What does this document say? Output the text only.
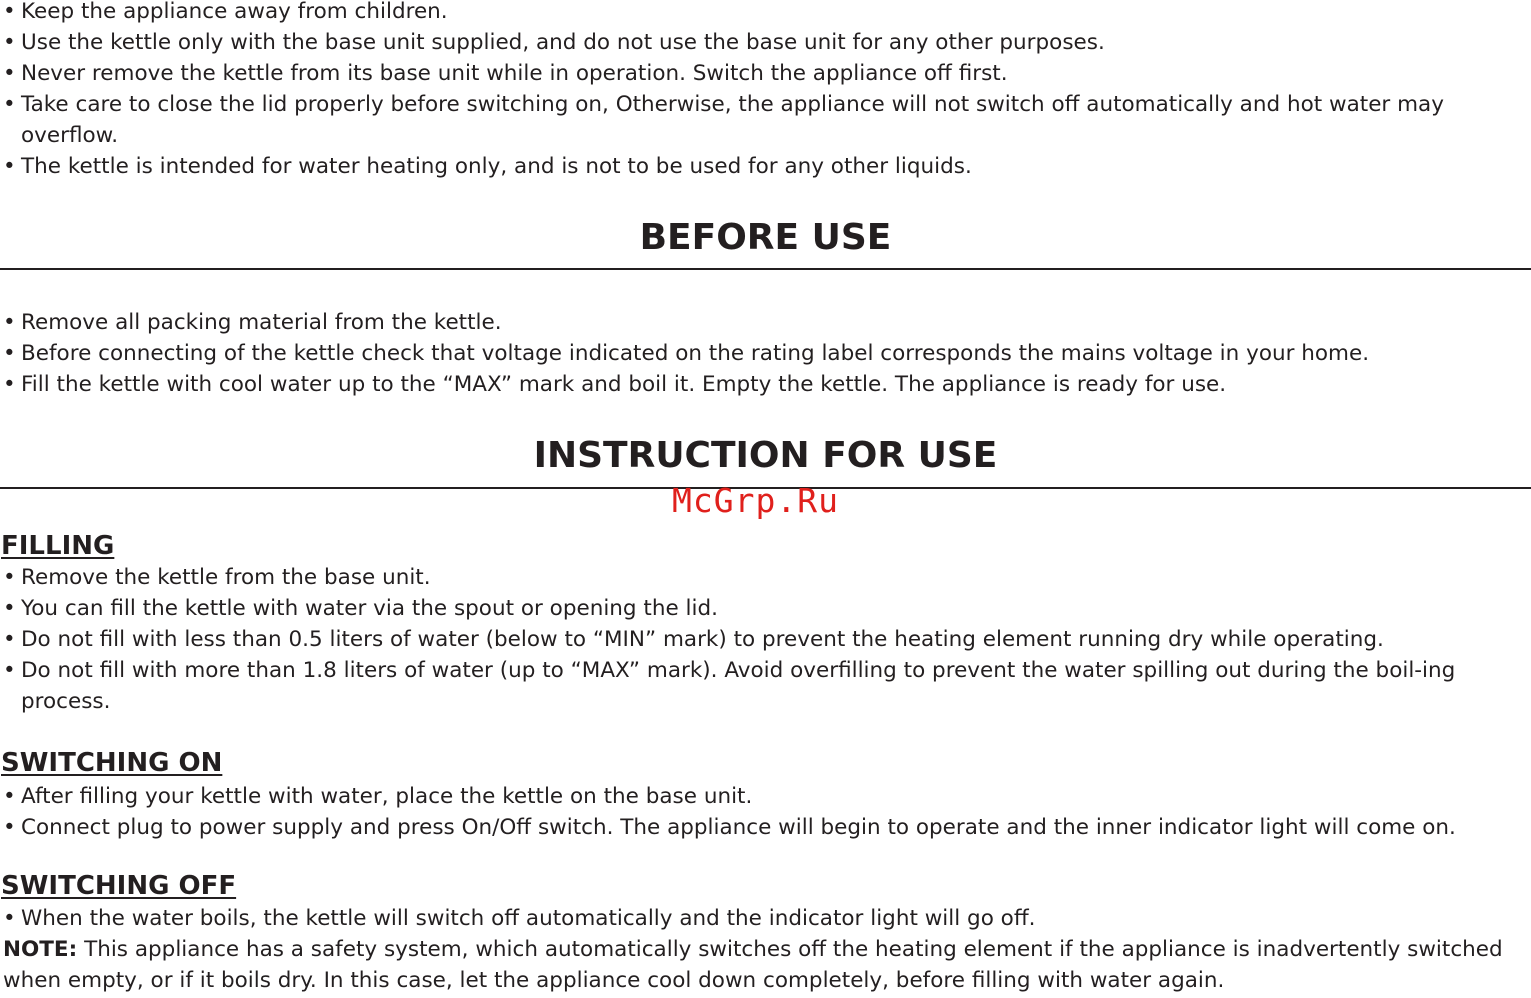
• Keep the appliance away from children.
• Use the kettle only with the base unit supplied, and do not use the base unit for any other purposes.
• Never remove the kettle from its base unit while in operation. Switch the appliance off first.
• Take care to close the lid properly before switching on, Otherwise, the appliance will not switch off automatically and hot water may overflow.
• The kettle is intended for water heating only, and is not to be used for any other liquids.
BEFORE USE
• Remove all packing material from the kettle.
• Before connecting of the kettle check that voltage indicated on the rating label corresponds the mains voltage in your home.
• Fill the kettle with cool water up to the “MAX” mark and boil it. Empty the kettle. The appliance is ready for use.
INSTRUCTION FOR USE
McGrp.Ru
FILLING
• Remove the kettle from the base unit.
• You can fill the kettle with water via the spout or opening the lid.
• Do not fill with less than 0.5 liters of water (below to “MIN” mark) to prevent the heating element running dry while operating.
• Do not fill with more than 1.8 liters of water (up to “MAX” mark). Avoid overfilling to prevent the water spilling out during the boil-ing process.
SWITCHING ON
• After filling your kettle with water, place the kettle on the base unit.
• Connect plug to power supply and press On/Off switch. The appliance will begin to operate and the inner indicator light will come on.
SWITCHING OFF
• When the water boils, the kettle will switch off automatically and the indicator light will go off.

NOTE: This appliance has a safety system, which automatically switches off the heating element if the appliance is inadvertently switched when empty, or if it boils dry. In this case, let the appliance cool down completely, before filling with water again.
